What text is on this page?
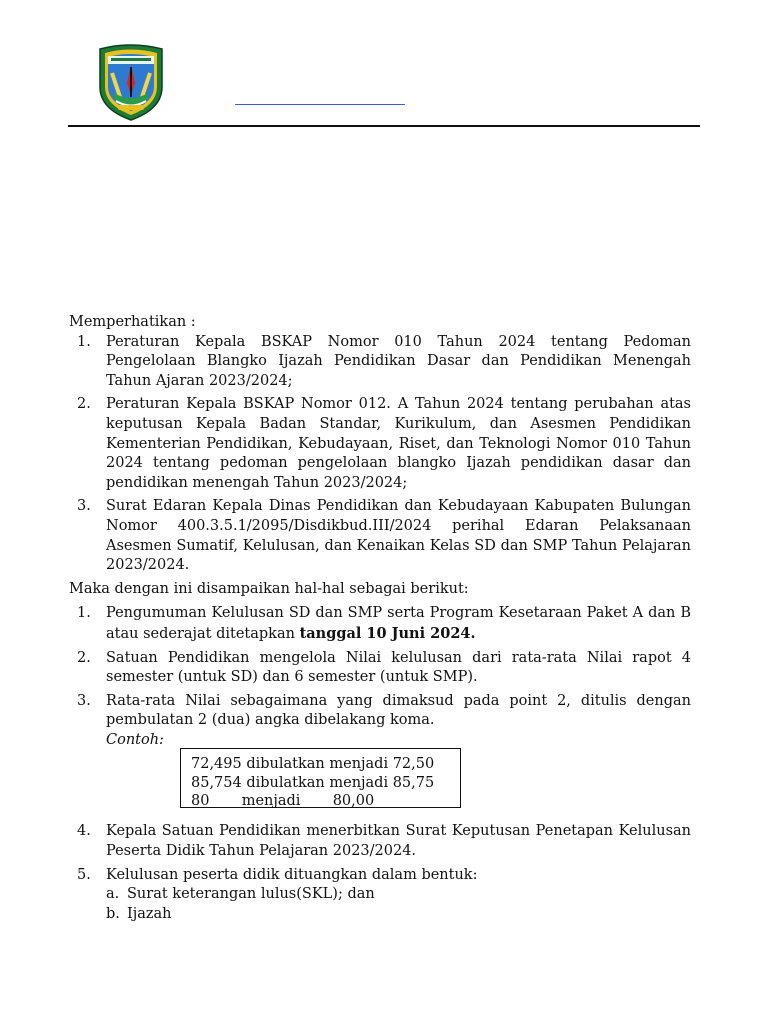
Memperhatikan :

1. Peraturan Kepala BSKAP Nomor 010 Tahun 2024 tentang Pedoman Pengelolaan Blangko Ijazah Pendidikan Dasar dan Pendidikan Menengah Tahun Ajaran 2023/2024;
2. Peraturan Kepala BSKAP Nomor 012. A Tahun 2024 tentang perubahan atas keputusan Kepala Badan Standar, Kurikulum, dan Asesmen Pendidikan Kementerian Pendidikan, Kebudayaan, Riset, dan Teknologi Nomor 010 Tahun 2024 tentang pedoman pengelolaan blangko Ijazah pendidikan dasar dan pendidikan menengah Tahun 2023/2024;
3. Surat Edaran Kepala Dinas Pendidikan dan Kebudayaan Kabupaten Bulungan Nomor 400.3.5.1/2095/Disdikbud.III/2024 perihal Edaran Pelaksanaan Asesmen Sumatif, Kelulusan, dan Kenaikan Kelas SD dan SMP Tahun Pelajaran 2023/2024.

Maka dengan ini disampaikan hal-hal sebagai berikut:

1. Pengumuman Kelulusan SD dan SMP serta Program Kesetaraan Paket A dan B atau sederajat ditetapkan tanggal 10 Juni 2024.
2. Satuan Pendidikan mengelola Nilai kelulusan dari rata-rata Nilai rapot 4 semester (untuk SD) dan 6 semester (untuk SMP).
3. Rata-rata Nilai sebagaimana yang dimaksud pada point 2, ditulis dengan pembulatan 2 (dua) angka dibelakang koma.
Contoh:
4. Kepala Satuan Pendidikan menerbitkan Surat Keputusan Penetapan Kelulusan Peserta Didik Tahun Pelajaran 2023/2024.
5. Kelulusan peserta didik dituangkan dalam bentuk:
a. Surat keterangan lulus(SKL); dan
b. Ijazah
72,495 dibulatkan menjadi 72,50
85,754 dibulatkan menjadi 85,75
80       menjadi       80,00
